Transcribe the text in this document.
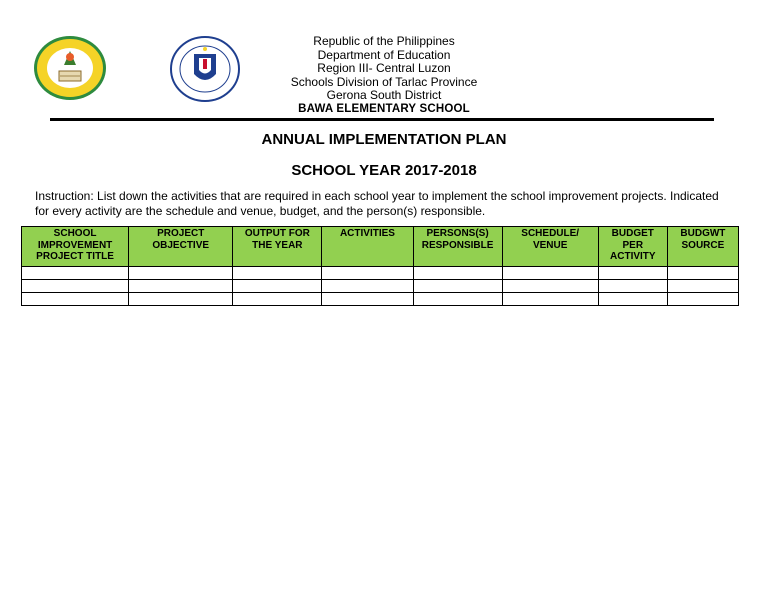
Republic of the Philippines
Department of Education
Region III- Central Luzon
Schools Division of Tarlac Province
Gerona South District
BAWA ELEMENTARY SCHOOL
ANNUAL IMPLEMENTATION PLAN
SCHOOL YEAR 2017-2018
Instruction: List down the activities that are required in each school year to implement the school improvement projects. Indicated for every activity are the schedule and venue, budget, and the person(s) responsible.
SCHOOL IMPROVEMENT PROJECT TITLE	PROJECT OBJECTIVE	OUTPUT FOR THE YEAR	ACTIVITIES	PERSONS(S) RESPONSIBLE	SCHEDULE/ VENUE	BUDGET PER ACTIVITY	BUDGWT SOURCE
